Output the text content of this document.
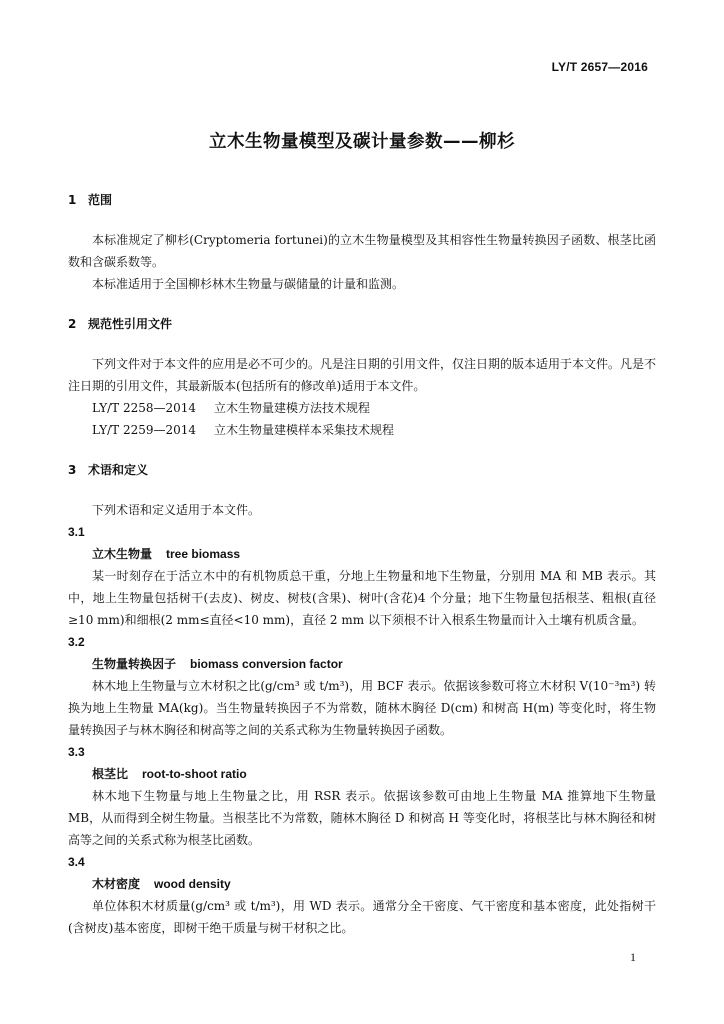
LY/T 2657—2016
立木生物量模型及碳计量参数——柳杉
1 范围
本标准规定了柳杉(Cryptomeria fortunei)的立木生物量模型及其相容性生物量转换因子函数、根茎比函数和含碳系数等。
本标准适用于全国柳杉林木生物量与碳储量的计量和监测。
2 规范性引用文件
下列文件对于本文件的应用是必不可少的。凡是注日期的引用文件，仅注日期的版本适用于本文件。凡是不注日期的引用文件，其最新版本(包括所有的修改单)适用于本文件。
LY/T 2258—2014 立木生物量建模方法技术规程
LY/T 2259—2014 立木生物量建模样本采集技术规程
3 术语和定义
下列术语和定义适用于本文件。
3.1
立木生物量 tree biomass
某一时刻存在于活立木中的有机物质总干重，分地上生物量和地下生物量，分别用 MA 和 MB 表示。其中，地上生物量包括树干(去皮)、树皮、树枝(含果)、树叶(含花)4 个分量；地下生物量包括根茎、粗根(直径≥10 mm)和细根(2 mm≤直径<10 mm)，直径 2 mm 以下须根不计入根系生物量而计入土壤有机质含量。
3.2
生物量转换因子 biomass conversion factor
林木地上生物量与立木材积之比(g/cm³ 或 t/m³)，用 BCF 表示。依据该参数可将立木材积 V(10⁻³m³) 转换为地上生物量 MA(kg)。当生物量转换因子不为常数，随林木胸径 D(cm) 和树高 H(m) 等变化时，将生物量转换因子与林木胸径和树高等之间的关系式称为生物量转换因子函数。
3.3
根茎比 root-to-shoot ratio
林木地下生物量与地上生物量之比，用 RSR 表示。依据该参数可由地上生物量 MA 推算地下生物量 MB，从而得到全树生物量。当根茎比不为常数，随林木胸径 D 和树高 H 等变化时，将根茎比与林木胸径和树高等之间的关系式称为根茎比函数。
3.4
木材密度 wood density
单位体积木材质量(g/cm³ 或 t/m³)，用 WD 表示。通常分全干密度、气干密度和基本密度，此处指树干(含树皮)基本密度，即树干绝干质量与树干材积之比。
1
